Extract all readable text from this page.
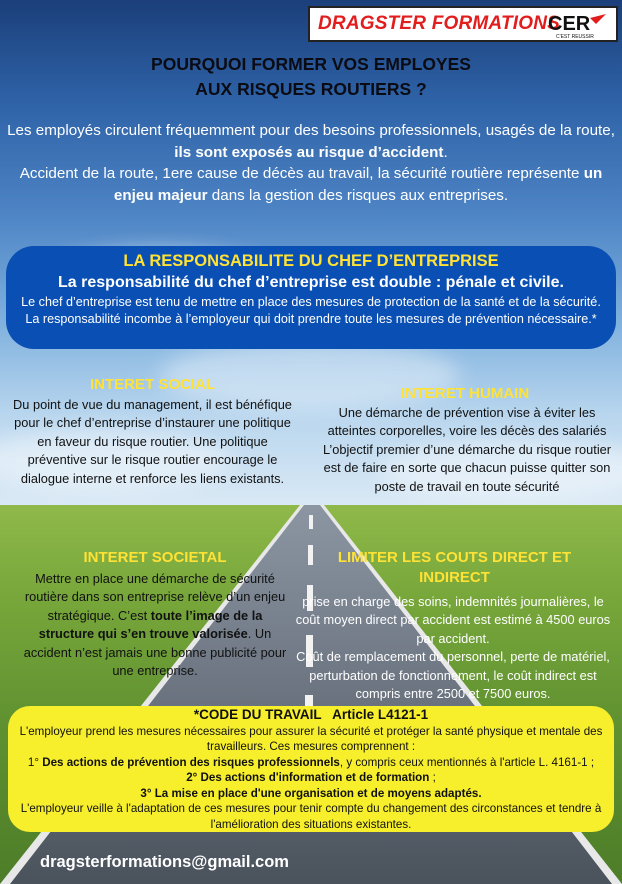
DRAGSTER FORMATIONS
CER
C'EST REUSSIR
POURQUOI FORMER VOS EMPLOYES
AUX RISQUES ROUTIERS ?
Les employés circulent fréquemment pour des besoins professionnels, usagés de la route, ils sont exposés au risque d’accident.
Accident de la route, 1ere cause de décès au travail, la sécurité routière représente un enjeu majeur dans la gestion des risques aux entreprises.
LA RESPONSABILITE DU CHEF D’ENTREPRISE
La responsabilité du chef d’entreprise est double : pénale et civile.
Le chef d’entreprise est tenu de mettre en place des mesures de protection de la santé et de la sécurité. La responsabilité incombe à l’employeur qui doit prendre toute les mesures de prévention nécessaire.*
INTERET SOCIAL
Du point de vue du management, il est bénéfique pour le chef d’entreprise d’instaurer une politique en faveur du risque routier. Une politique préventive sur le risque routier encourage le dialogue interne et renforce les liens existants.
INTERET HUMAIN
Une démarche de prévention vise à éviter les atteintes corporelles, voire les décès des salariés
L’objectif premier d’une démarche du risque routier est de faire en sorte que chacun puisse quitter son poste de travail en toute sécurité
INTERET SOCIETAL
Mettre en place une démarche de sécurité routière dans son entreprise relève d’un enjeu stratégique. C’est toute l’image de la structure qui s’en trouve valorisée. Un accident n’est jamais une bonne publicité pour une entreprise.
LIMITER LES COUTS DIRECT ET INDIRECT
prise en charge des soins, indemnités journalières, le coût moyen direct par accident est estimé à 4500 euros par accident.
Coût de remplacement du personnel, perte de matériel, perturbation de fonctionnement, le coût indirect est compris entre 2500 et 7500 euros.
*CODE DU TRAVAIL   Article L4121-1
L'employeur prend les mesures nécessaires pour assurer la sécurité et protéger la santé physique et mentale des travailleurs. Ces mesures comprennent :
1° Des actions de prévention des risques professionnels, y compris ceux mentionnés à l'article L. 4161-1 ;
2° Des actions d'information et de formation ;
3° La mise en place d'une organisation et de moyens adaptés.
L'employeur veille à l'adaptation de ces mesures pour tenir compte du changement des circonstances et tendre à l'amélioration des situations existantes.
dragsterformations@gmail.com
